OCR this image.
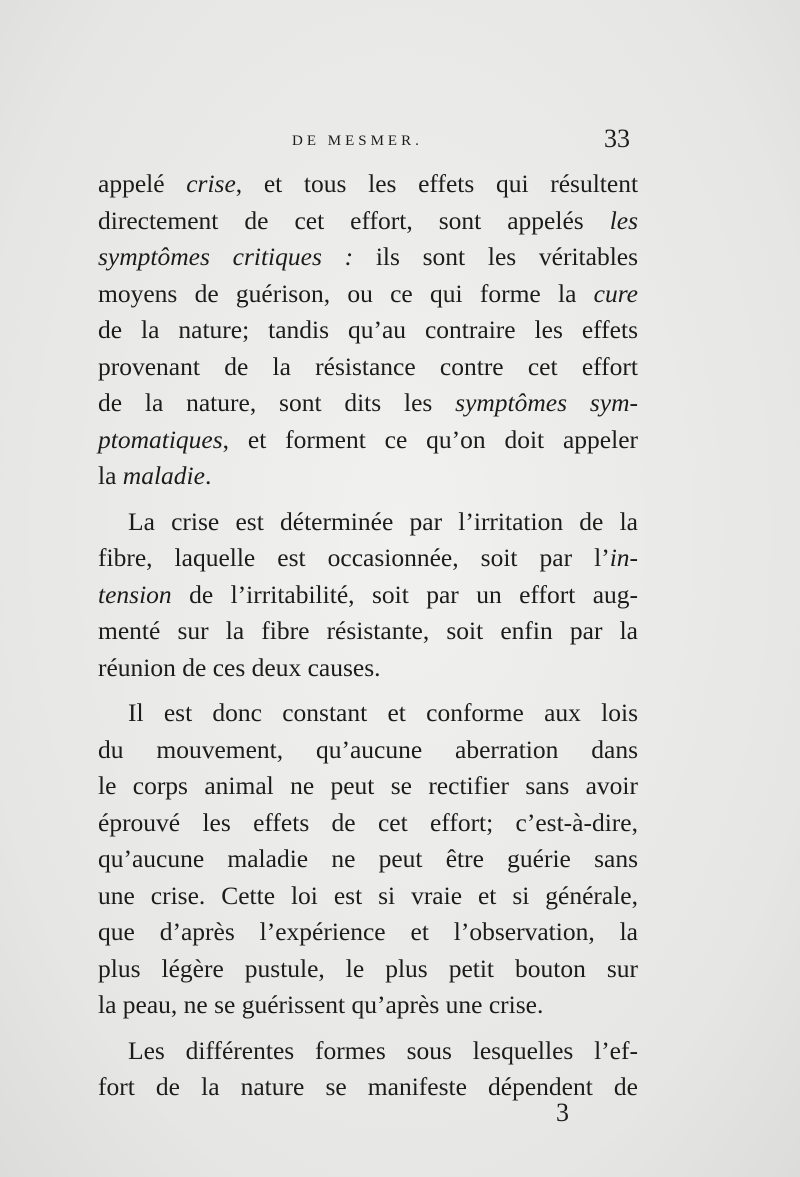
DE MESMER.	33
appelé crise, et tous les effets qui résultent
directement de cet effort, sont appelés les
symptômes critiques : ils sont les véritables
moyens de guérison, ou ce qui forme la cure
de la nature; tandis qu’au contraire les effets
provenant de la résistance contre cet effort
de la nature, sont dits les symptômes sym-
ptomatiques, et forment ce qu’on doit appeler
la maladie.
La crise est déterminée par l’irritation de la
fibre, laquelle est occasionnée, soit par l’in-
tension de l’irritabilité, soit par un effort aug-
menté sur la fibre résistante, soit enfin par la
réunion de ces deux causes.
Il est donc constant et conforme aux lois
du mouvement, qu’aucune aberration dans
le corps animal ne peut se rectifier sans avoir
éprouvé les effets de cet effort; c’est-à-dire,
qu’aucune maladie ne peut être guérie sans
une crise. Cette loi est si vraie et si générale,
que d’après l’expérience et l’observation, la
plus légère pustule, le plus petit bouton sur
la peau, ne se guérissent qu’après une crise.
Les différentes formes sous lesquelles l’ef-
fort de la nature se manifeste dépendent de
3
